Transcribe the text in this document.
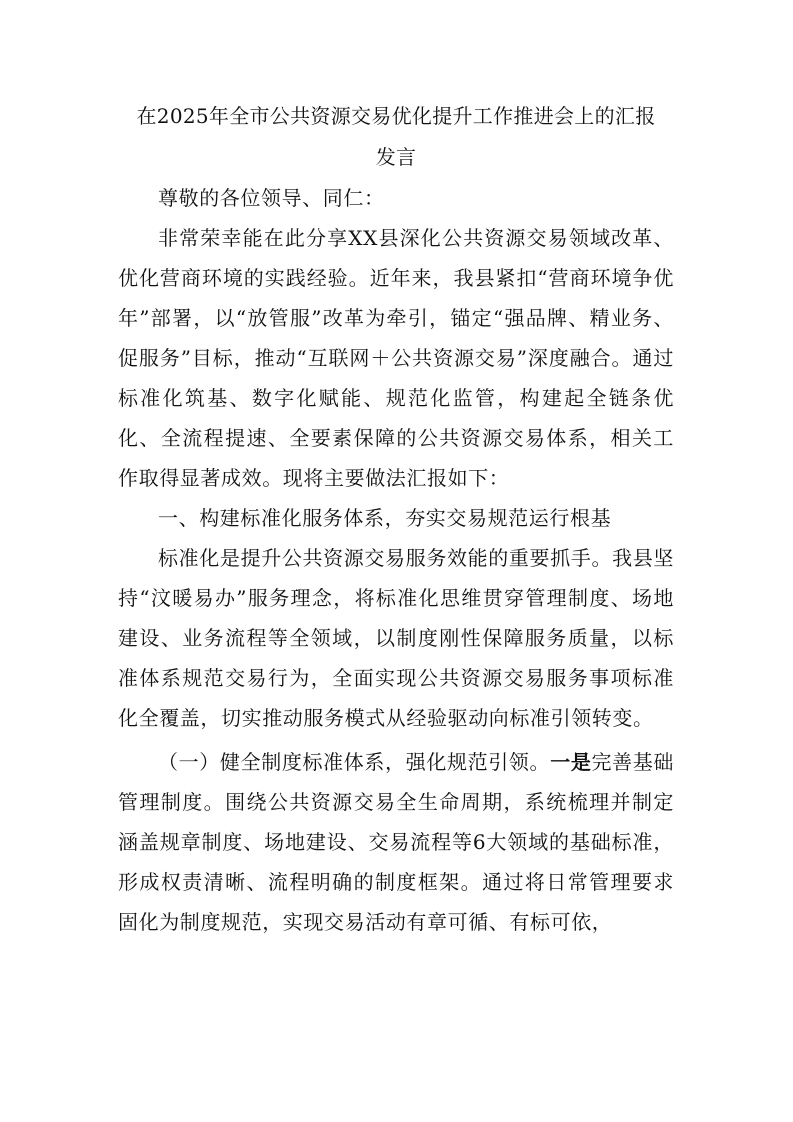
在2025年全市公共资源交易优化提升工作推进会上的汇报
发言

尊敬的各位领导、同仁：

非常荣幸能在此分享XX县深化公共资源交易领域改革、优化营商环境的实践经验。近年来，我县紧扣“营商环境争优年”部署，以“放管服”改革为牵引，锚定“强品牌、精业务、促服务”目标，推动“互联网＋公共资源交易”深度融合。通过标准化筑基、数字化赋能、规范化监管，构建起全链条优化、全流程提速、全要素保障的公共资源交易体系，相关工作取得显著成效。现将主要做法汇报如下：

一、构建标准化服务体系，夯实交易规范运行根基

标准化是提升公共资源交易服务效能的重要抓手。我县坚持“汶暖易办”服务理念，将标准化思维贯穿管理制度、场地建设、业务流程等全领域，以制度刚性保障服务质量，以标准体系规范交易行为，全面实现公共资源交易服务事项标准化全覆盖，切实推动服务模式从经验驱动向标准引领转变。

（一）健全制度标准体系，强化规范引领。一是完善基础管理制度。围绕公共资源交易全生命周期，系统梳理并制定涵盖规章制度、场地建设、交易流程等6大领域的基础标准，形成权责清晰、流程明确的制度框架。通过将日常管理要求固化为制度规范，实现交易活动有章可循、有标可依，
